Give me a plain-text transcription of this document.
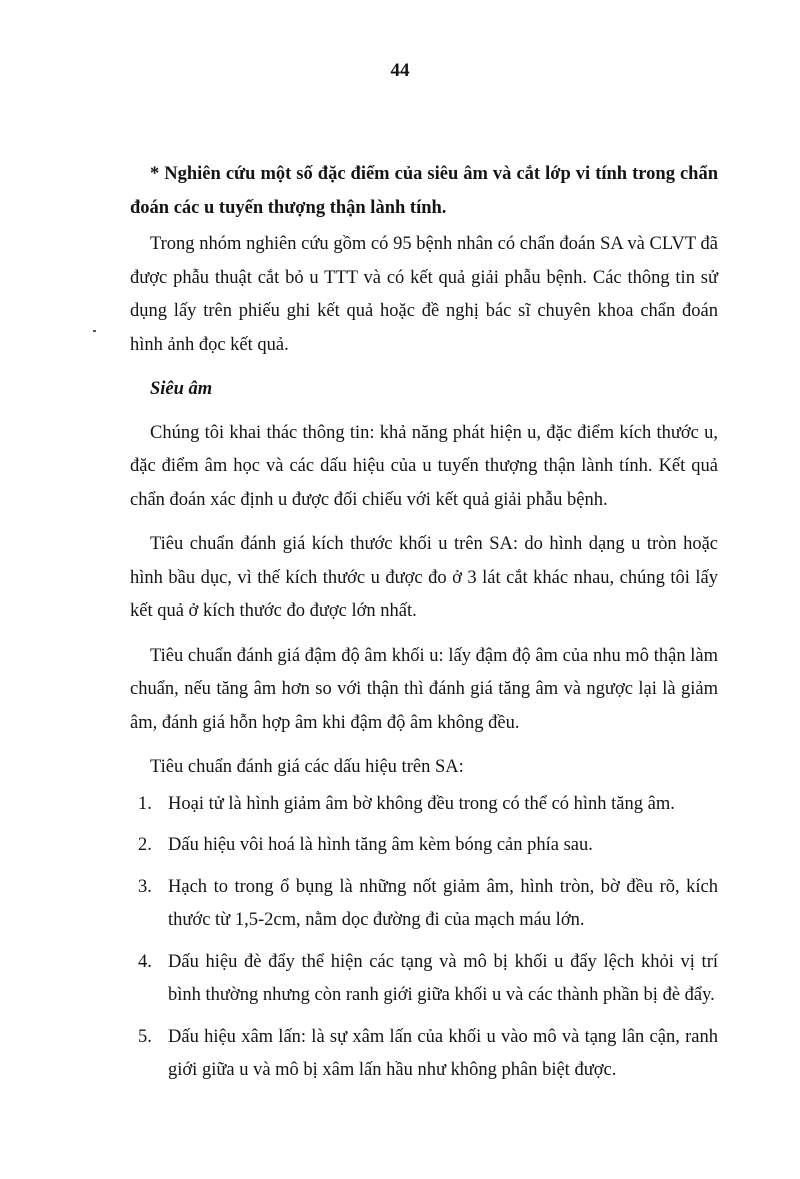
44

* Nghiên cứu một số đặc điểm của siêu âm và cắt lớp vi tính trong chẩn đoán các u tuyến thượng thận lành tính.

Trong nhóm nghiên cứu gồm có 95 bệnh nhân có chẩn đoán SA và CLVT đã được phẫu thuật cắt bỏ u TTT và có kết quả giải phẫu bệnh. Các thông tin sử dụng lấy trên phiếu ghi kết quả hoặc đề nghị bác sĩ chuyên khoa chẩn đoán hình ảnh đọc kết quả.

Siêu âm

Chúng tôi khai thác thông tin: khả năng phát hiện u, đặc điểm kích thước u, đặc điểm âm học và các dấu hiệu của u tuyến thượng thận lành tính. Kết quả chẩn đoán xác định u được đối chiếu với kết quả giải phẫu bệnh.

Tiêu chuẩn đánh giá kích thước khối u trên SA: do hình dạng u tròn hoặc hình bầu dục, vì thế kích thước u được đo ở 3 lát cắt khác nhau, chúng tôi lấy kết quả ở kích thước đo được lớn nhất.

Tiêu chuẩn đánh giá đậm độ âm khối u: lấy đậm độ âm của nhu mô thận làm chuẩn, nếu tăng âm hơn so với thận thì đánh giá tăng âm và ngược lại là giảm âm, đánh giá hỗn hợp âm khi đậm độ âm không đều.

Tiêu chuẩn đánh giá các dấu hiệu trên SA:

1. Hoại tử là hình giảm âm bờ không đều trong có thể có hình tăng âm.
2. Dấu hiệu vôi hoá là hình tăng âm kèm bóng cản phía sau.
3. Hạch to trong ổ bụng là những nốt giảm âm, hình tròn, bờ đều rõ, kích thước từ 1,5-2cm, nằm dọc đường đi của mạch máu lớn.
4. Dấu hiệu đè đẩy thể hiện các tạng và mô bị khối u đẩy lệch khỏi vị trí bình thường nhưng còn ranh giới giữa khối u và các thành phần bị đè đẩy.
5. Dấu hiệu xâm lấn: là sự xâm lấn của khối u vào mô và tạng lân cận, ranh giới giữa u và mô bị xâm lấn hầu như không phân biệt được.
